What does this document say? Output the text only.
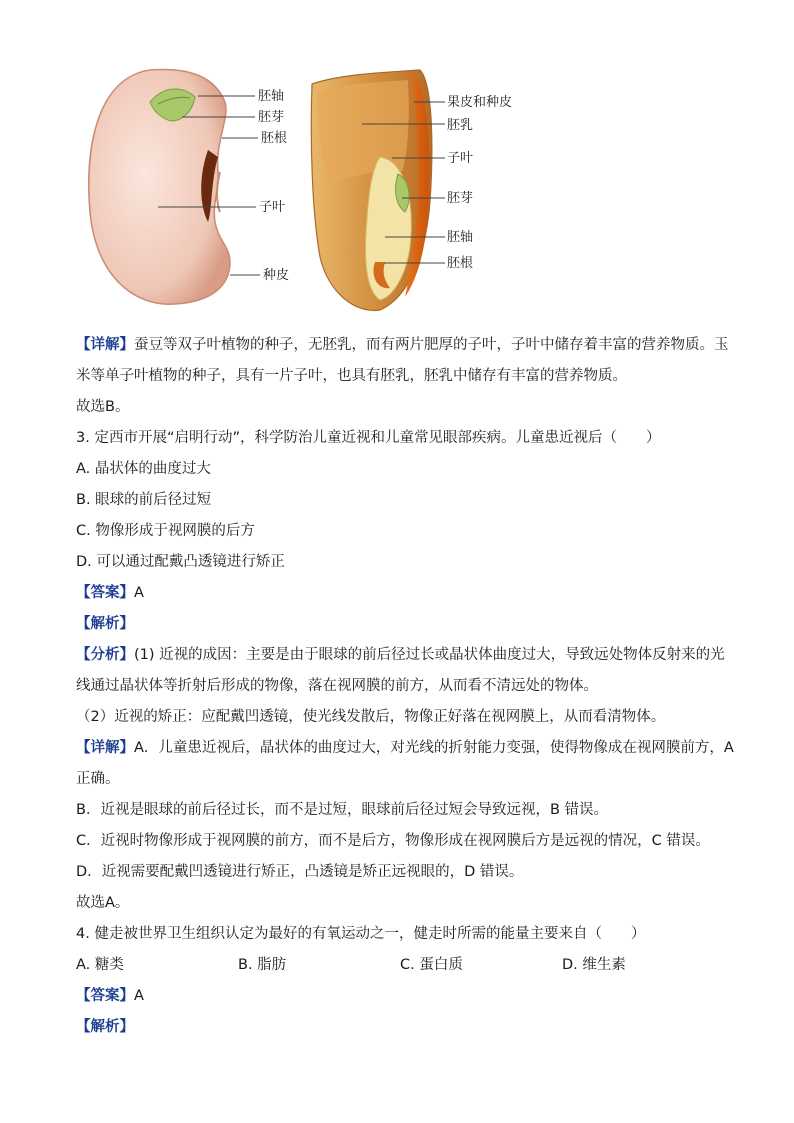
胚轴
胚芽
胚根
子叶
种皮
果皮和种皮
胚乳
子叶
胚芽
胚轴
胚根
【详解】蚕豆等双子叶植物的种子，无胚乳，而有两片肥厚的子叶，子叶中储存着丰富的营养物质。玉
米等单子叶植物的种子，具有一片子叶，也具有胚乳，胚乳中储存有丰富的营养物质。
故选B。
3. 定西市开展“启明行动”，科学防治儿童近视和儿童常见眼部疾病。儿童患近视后（　　）
A. 晶状体的曲度过大
B. 眼球的前后径过短
C. 物像形成于视网膜的后方
D. 可以通过配戴凸透镜进行矫正
【答案】A
【解析】
【分析】(1) 近视的成因：主要是由于眼球的前后径过长或晶状体曲度过大，导致远处物体反射来的光
线通过晶状体等折射后形成的物像，落在视网膜的前方，从而看不清远处的物体。
（2）近视的矫正：应配戴凹透镜，使光线发散后，物像正好落在视网膜上，从而看清物体。
【详解】A．儿童患近视后，晶状体的曲度过大，对光线的折射能力变强，使得物像成在视网膜前方，A
正确。
B．近视是眼球的前后径过长，而不是过短，眼球前后径过短会导致远视，B 错误。
C．近视时物像形成于视网膜的前方，而不是后方，物像形成在视网膜后方是远视的情况，C 错误。
D．近视需要配戴凹透镜进行矫正，凸透镜是矫正远视眼的，D 错误。
故选A。
4. 健走被世界卫生组织认定为最好的有氧运动之一，健走时所需的能量主要来自（　　）
A. 糖类	B. 脂肪	C. 蛋白质	D. 维生素
【答案】A
【解析】
